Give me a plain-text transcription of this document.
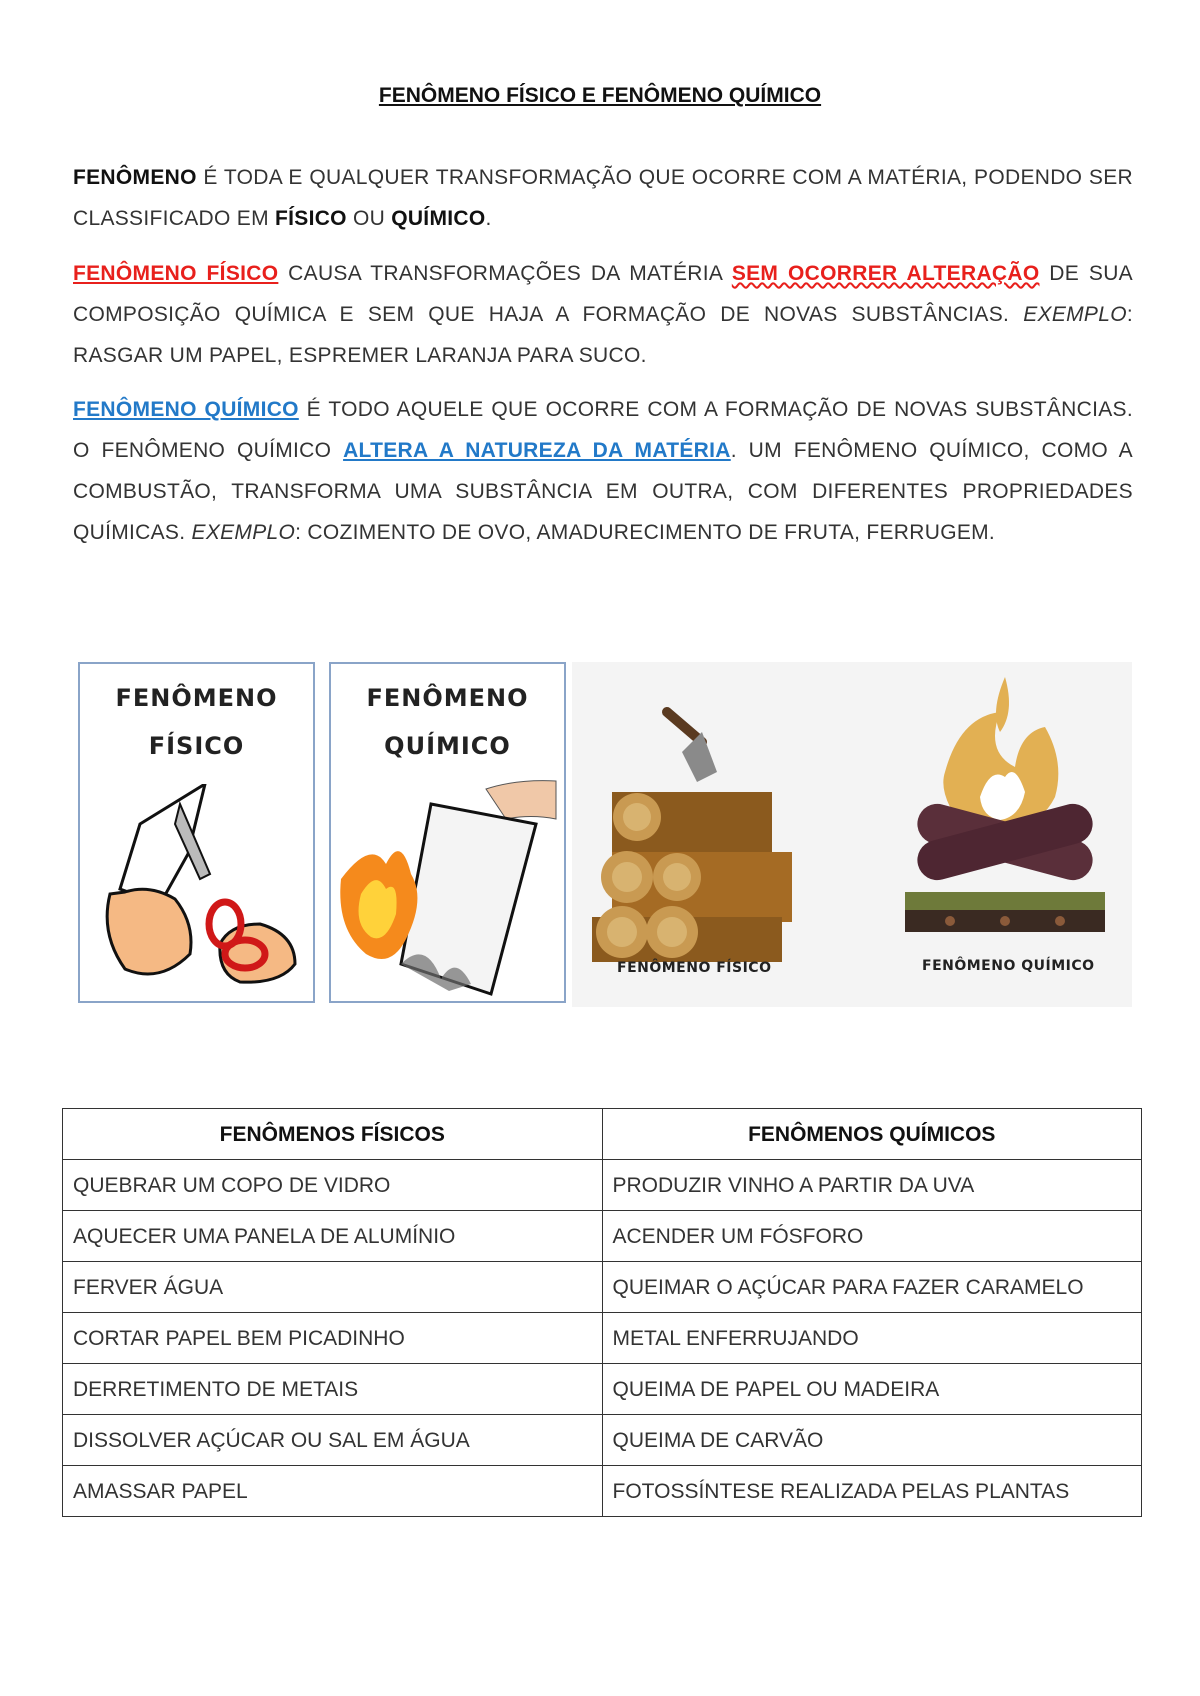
FENÔMENO FÍSICO E FENÔMENO QUÍMICO
FENÔMENO É TODA E QUALQUER TRANSFORMAÇÃO QUE OCORRE COM A MATÉRIA, PODENDO SER CLASSIFICADO EM FÍSICO OU QUÍMICO.
FENÔMENO FÍSICO CAUSA TRANSFORMAÇÕES DA MATÉRIA SEM OCORRER ALTERAÇÃO DE SUA COMPOSIÇÃO QUÍMICA E SEM QUE HAJA A FORMAÇÃO DE NOVAS SUBSTÂNCIAS. EXEMPLO: RASGAR UM PAPEL, ESPREMER LARANJA PARA SUCO.
FENÔMENO QUÍMICO É TODO AQUELE QUE OCORRE COM A FORMAÇÃO DE NOVAS SUBSTÂNCIAS. O FENÔMENO QUÍMICO ALTERA A NATUREZA DA MATÉRIA. UM FENÔMENO QUÍMICO, COMO A COMBUSTÃO, TRANSFORMA UMA SUBSTÂNCIA EM OUTRA, COM DIFERENTES PROPRIEDADES QUÍMICAS. EXEMPLO: COZIMENTO DE OVO, AMADURECIMENTO DE FRUTA, FERRUGEM.
FENÔMENO
FÍSICO
FENÔMENO
QUÍMICO
FENÔMENO FÍSICO	FENÔMENO QUÍMICO
FENÔMENOS FÍSICOS	FENÔMENOS QUÍMICOS
QUEBRAR UM COPO DE VIDRO	PRODUZIR VINHO A PARTIR DA UVA
AQUECER UMA PANELA DE ALUMÍNIO	ACENDER UM FÓSFORO
FERVER ÁGUA	QUEIMAR O AÇÚCAR PARA FAZER CARAMELO
CORTAR PAPEL BEM PICADINHO	METAL ENFERRUJANDO
DERRETIMENTO DE METAIS	QUEIMA DE PAPEL OU MADEIRA
DISSOLVER AÇÚCAR OU SAL EM ÁGUA	QUEIMA DE CARVÃO
AMASSAR PAPEL	FOTOSSÍNTESE REALIZADA PELAS PLANTAS
